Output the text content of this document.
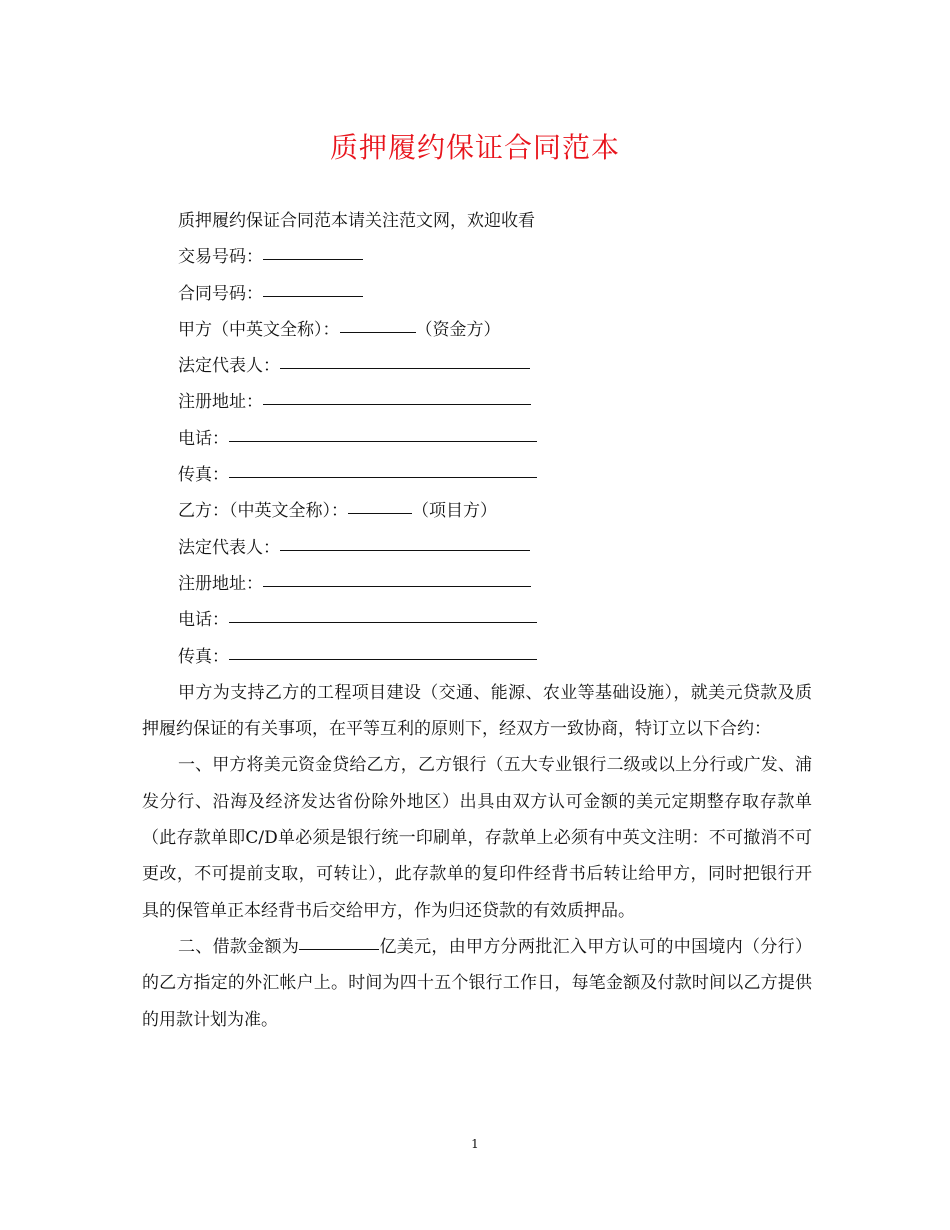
质押履约保证合同范本
质押履约保证合同范本请关注范文网，欢迎收看
交易号码：
合同号码：
甲方（中英文全称）：	（资金方）
法定代表人：
注册地址：
电话：
传真：
乙方：（中英文全称）：	（项目方）
法定代表人：
注册地址：
电话：
传真：

甲方为支持乙方的工程项目建设（交通、能源、农业等基础设施），就美元贷款及质押履约保证的有关事项，在平等互利的原则下，经双方一致协商，特订立以下合约：

一、甲方将美元资金贷给乙方，乙方银行（五大专业银行二级或以上分行或广发、浦发分行、沿海及经济发达省份除外地区）出具由双方认可金额的美元定期整存取存款单（此存款单即C/D单必须是银行统一印刷单，存款单上必须有中英文注明：不可撤消不可更改，不可提前支取，可转让），此存款单的复印件经背书后转让给甲方，同时把银行开具的保管单正本经背书后交给甲方，作为归还贷款的有效质押品。

二、借款金额为	亿美元，由甲方分两批汇入甲方认可的中国境内（分行）的乙方指定的外汇帐户上。时间为四十五个银行工作日，每笔金额及付款时间以乙方提供的用款计划为准。

1
